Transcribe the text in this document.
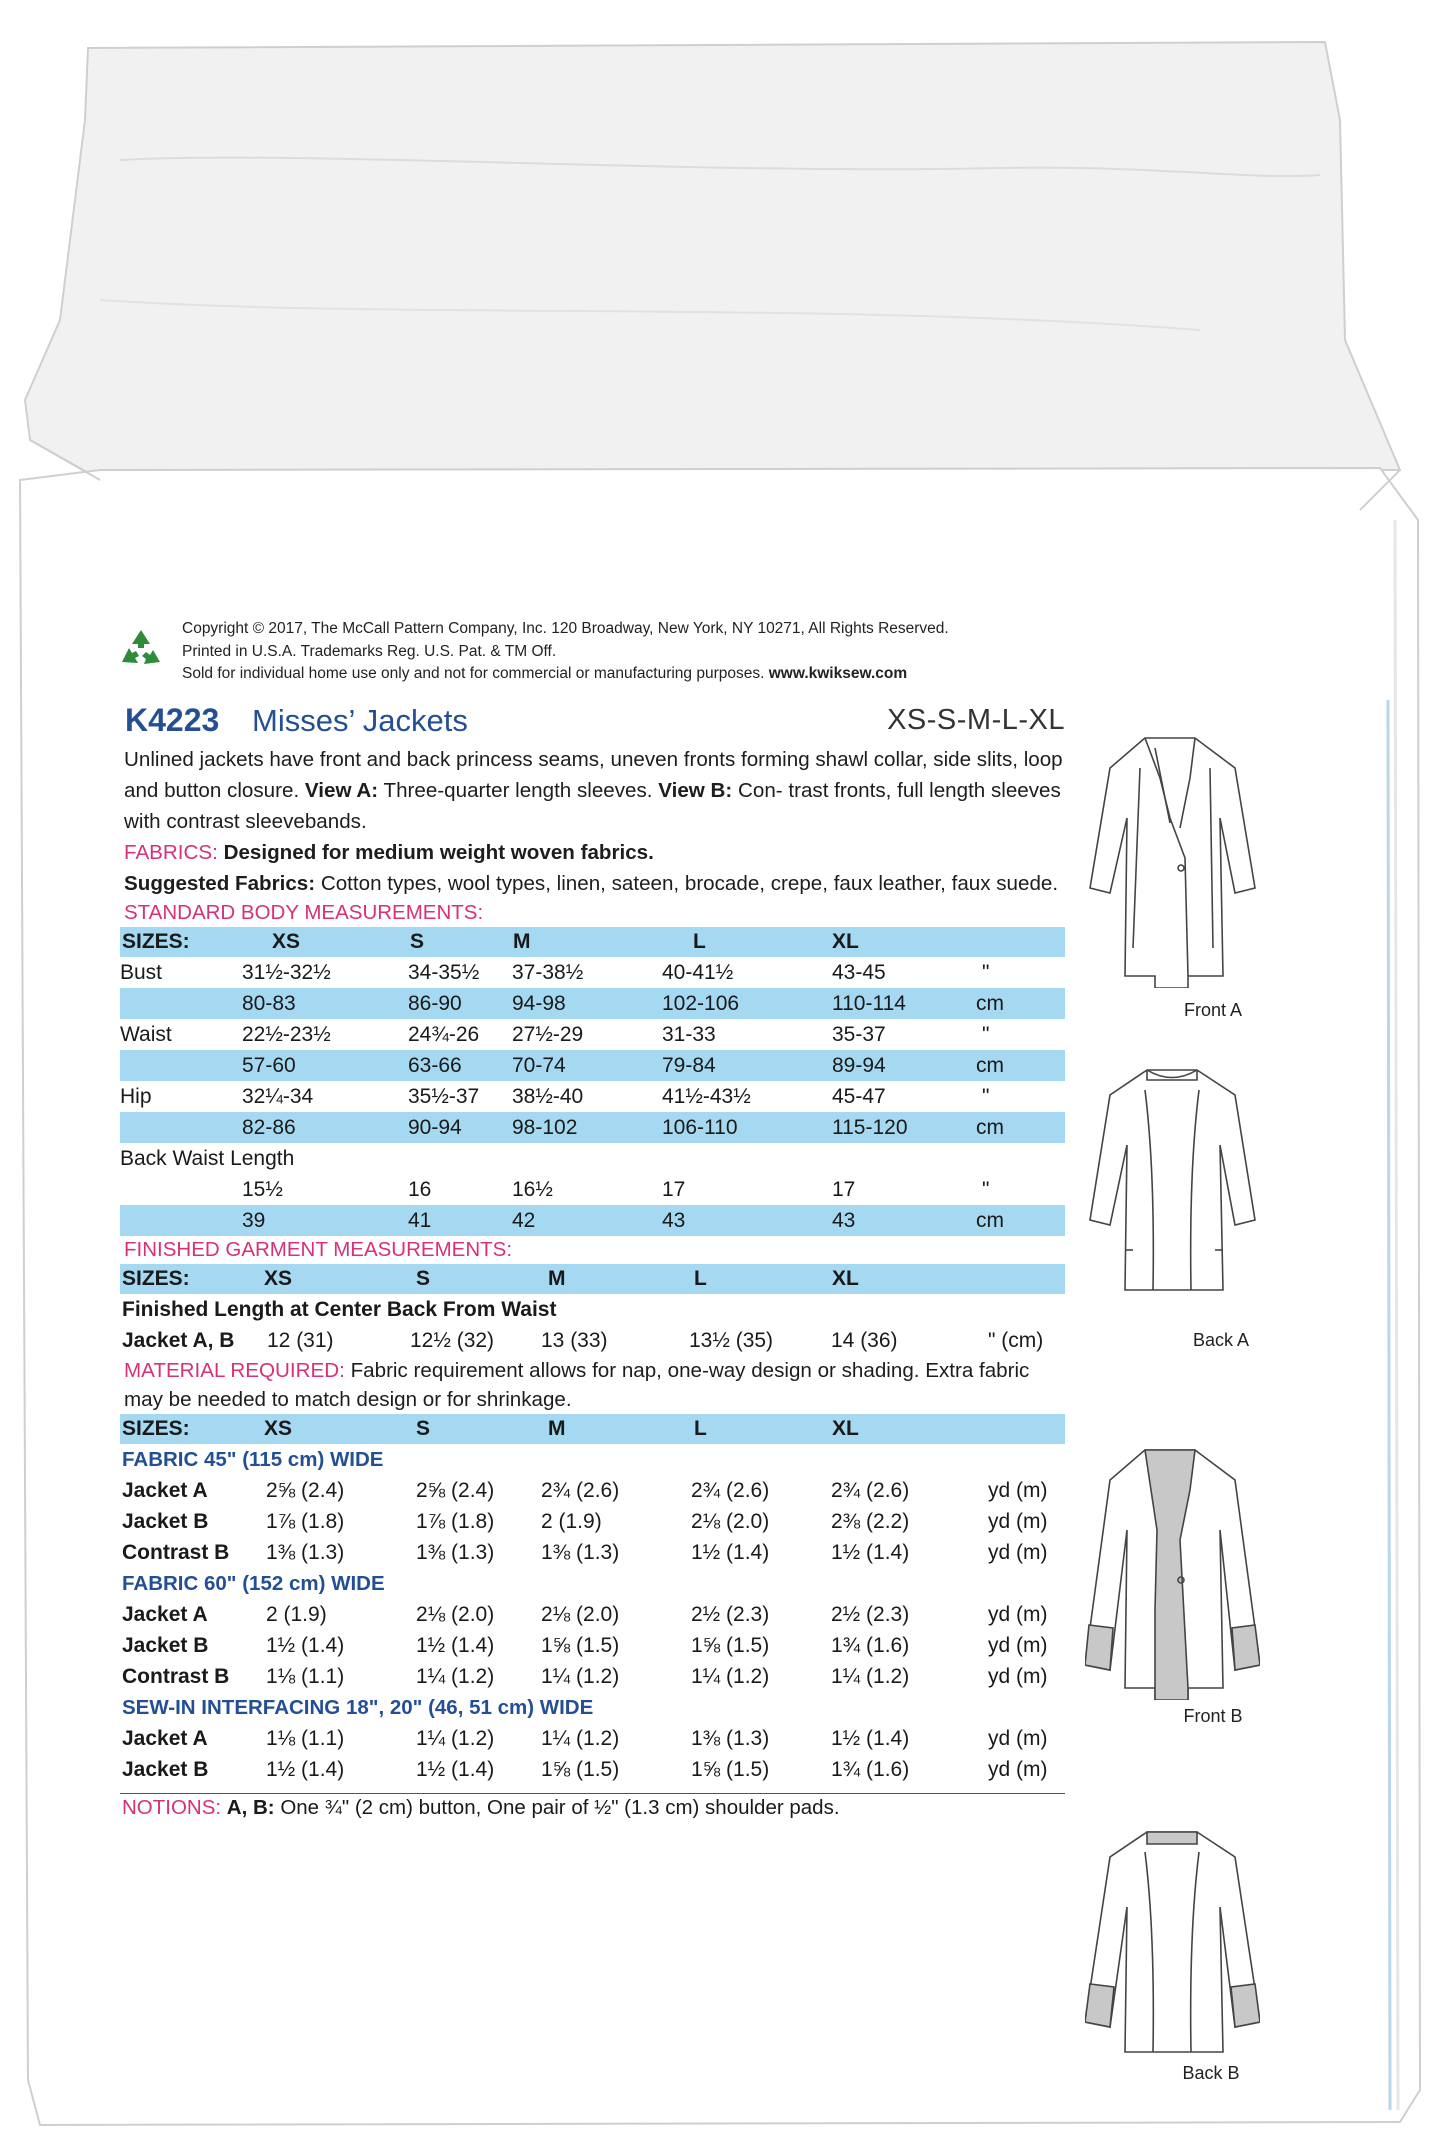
Copyright © 2017, The McCall Pattern Company, Inc. 120 Broadway, New York, NY 10271, All Rights Reserved.
Printed in U.S.A. Trademarks Reg. U.S. Pat. & TM Off.
Sold for individual home use only and not for commercial or manufacturing purposes. www.kwiksew.com
K4223 Misses’ Jackets	XS-S-M-L-XL
Unlined jackets have front and back princess seams, uneven fronts forming shawl collar, side slits, loop and button closure. View A: Three-quarter length sleeves. View B: Con- trast fronts, full length sleeves with contrast sleevebands.
FABRICS: Designed for medium weight woven fabrics.
Suggested Fabrics: Cotton types, wool types, linen, sateen, brocade, crepe, faux leather, faux suede.
STANDARD BODY MEASUREMENTS:
SIZES:	XS	S	M	L	XL
Bust	31½-32½	34-35½ 37-38½	40-41½	43-45	"
80-83	86-90 94-98	102-106	110-114	cm
Waist	22½-23½	24¾-26 27½-29	31-33	35-37	"
57-60	63-66 70-74	79-84	89-94	cm
Hip	32¼-34	35½-37 38½-40	41½-43½	45-47	"
82-86	90-94 98-102	106-110	115-120	cm
Back Waist Length
15½	16	16½	17	17	"
39	41	42	43	43	cm
FINISHED GARMENT MEASUREMENTS:
SIZES:	XS	S	M	L	XL
Finished Length at Center Back From Waist
Jacket A, B 12 (31)	12½ (32) 13 (33)	13½ (35)	14 (36)	" (cm)
MATERIAL REQUIRED: Fabric requirement allows for nap, one-way design or shading. Extra fabric may be needed to match design or for shrinkage.
SIZES:	XS	S	M	L	XL
FABRIC 45" (115 cm) WIDE
Jacket A	2⅝ (2.4)	2⅝ (2.4) 2¾ (2.6)	2¾ (2.6)	2¾ (2.6)	yd (m)
Jacket B	1⅞ (1.8)	1⅞ (1.8) 2 (1.9)	2⅛ (2.0)	2⅜ (2.2)	yd (m)
Contrast B 1⅜ (1.3)	1⅜ (1.3) 1⅜ (1.3)	1½ (1.4)	1½ (1.4)	yd (m)
FABRIC 60" (152 cm) WIDE
Jacket A	2 (1.9)	2⅛ (2.0) 2⅛ (2.0)	2½ (2.3)	2½ (2.3)	yd (m)
Jacket B	1½ (1.4)	1½ (1.4) 1⅝ (1.5)	1⅝ (1.5)	1¾ (1.6)	yd (m)
Contrast B 1⅛ (1.1)	1¼ (1.2) 1¼ (1.2)	1¼ (1.2)	1¼ (1.2)	yd (m)
SEW-IN INTERFACING 18", 20" (46, 51 cm) WIDE
Jacket A	1⅛ (1.1)	1¼ (1.2) 1¼ (1.2)	1⅜ (1.3)	1½ (1.4)	yd (m)
Jacket B	1½ (1.4)	1½ (1.4) 1⅝ (1.5)	1⅝ (1.5)	1¾ (1.6)	yd (m)
NOTIONS: A, B: One ¾" (2 cm) button, One pair of ½" (1.3 cm) shoulder pads.
Front A
Back A
Front B
Back B
